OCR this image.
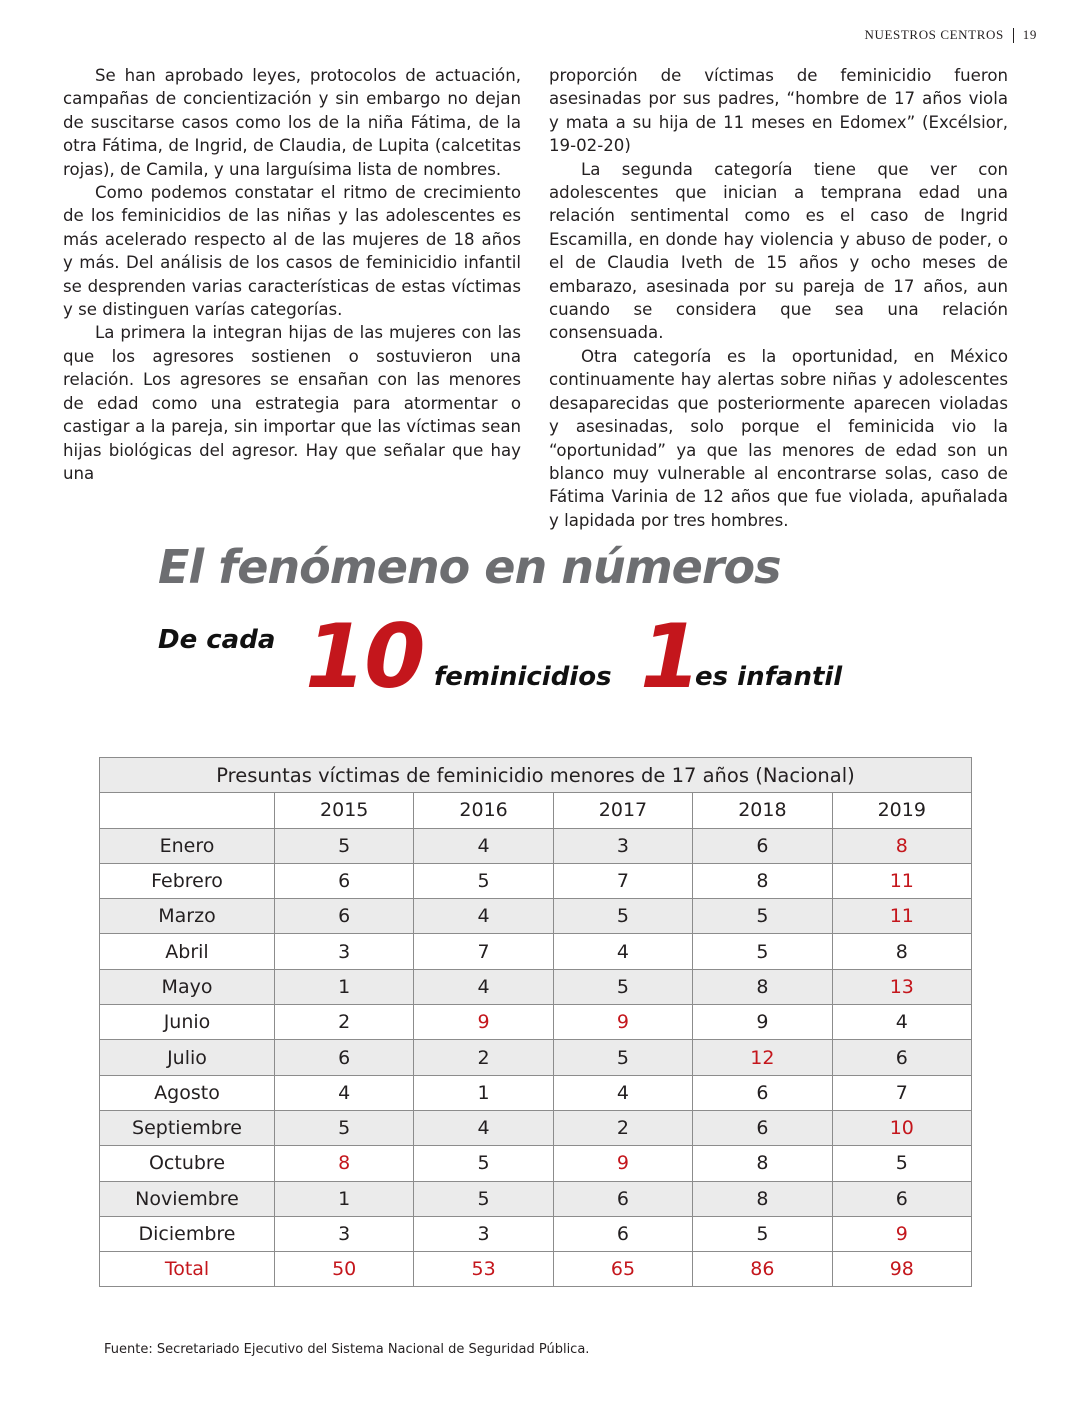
NUESTROS CENTROS 19

Se han aprobado leyes, protocolos de actuación, campañas de concientización y sin embargo no dejan de suscitarse casos como los de la niña Fátima, de la otra Fátima, de Ingrid, de Claudia, de Lupita (calcetitas rojas), de Camila, y una larguísima lista de nombres.

Como podemos constatar el ritmo de crecimiento de los feminicidios de las niñas y las adolescentes es más acelerado respecto al de las mujeres de 18 años y más. Del análisis de los casos de feminicidio infantil se desprenden varias características de estas víctimas y se distinguen varías categorías.

La primera la integran hijas de las mujeres con las que los agresores sostienen o sostuvieron una relación. Los agresores se ensañan con las menores de edad como una estrategia para atormentar o castigar a la pareja, sin importar que las víctimas sean hijas biológicas del agresor. Hay que señalar que hay una

proporción de víctimas de feminicidio fueron asesinadas por sus padres, “hombre de 17 años viola y mata a su hija de 11 meses en Edomex” (Excélsior, 19-02-20)

La segunda categoría tiene que ver con adolescentes que inician a temprana edad una relación sentimental como es el caso de Ingrid Escamilla, en donde hay violencia y abuso de poder, o el de Claudia Iveth de 15 años y ocho meses de embarazo, asesinada por su pareja de 17 años, aun cuando se considera que sea una relación consensuada.

Otra categoría es la oportunidad, en México continuamente hay alertas sobre niñas y adolescentes desaparecidas que posteriormente aparecen violadas y asesinadas, solo porque el feminicida vio la “oportunidad” ya que las menores de edad son un blanco muy vulnerable al encontrarse solas, caso de Fátima Varinia de 12 años que fue violada, apuñalada y lapidada por tres hombres.

El fenómeno en números
De cada 10 feminicidios 1
es infantil
Presuntas víctimas de feminicidio menores de 17 años (Nacional)					
	2015	2016	2017	2018	2019
Enero	5	4	3	6	8
Febrero	6	5	7	8	11
Marzo	6	4	5	5	11
Abril	3	7	4	5	8
Mayo	1	4	5	8	13
Junio	2	9	9	9	4
Julio	6	2	5	12	6
Agosto	4	1	4	6	7
Septiembre	5	4	2	6	10
Octubre	8	5	9	8	5
Noviembre	1	5	6	8	6
Diciembre	3	3	6	5	9
Total	50	53	65	86	98

Fuente: Secretariado Ejecutivo del Sistema Nacional de Seguridad Pública.
